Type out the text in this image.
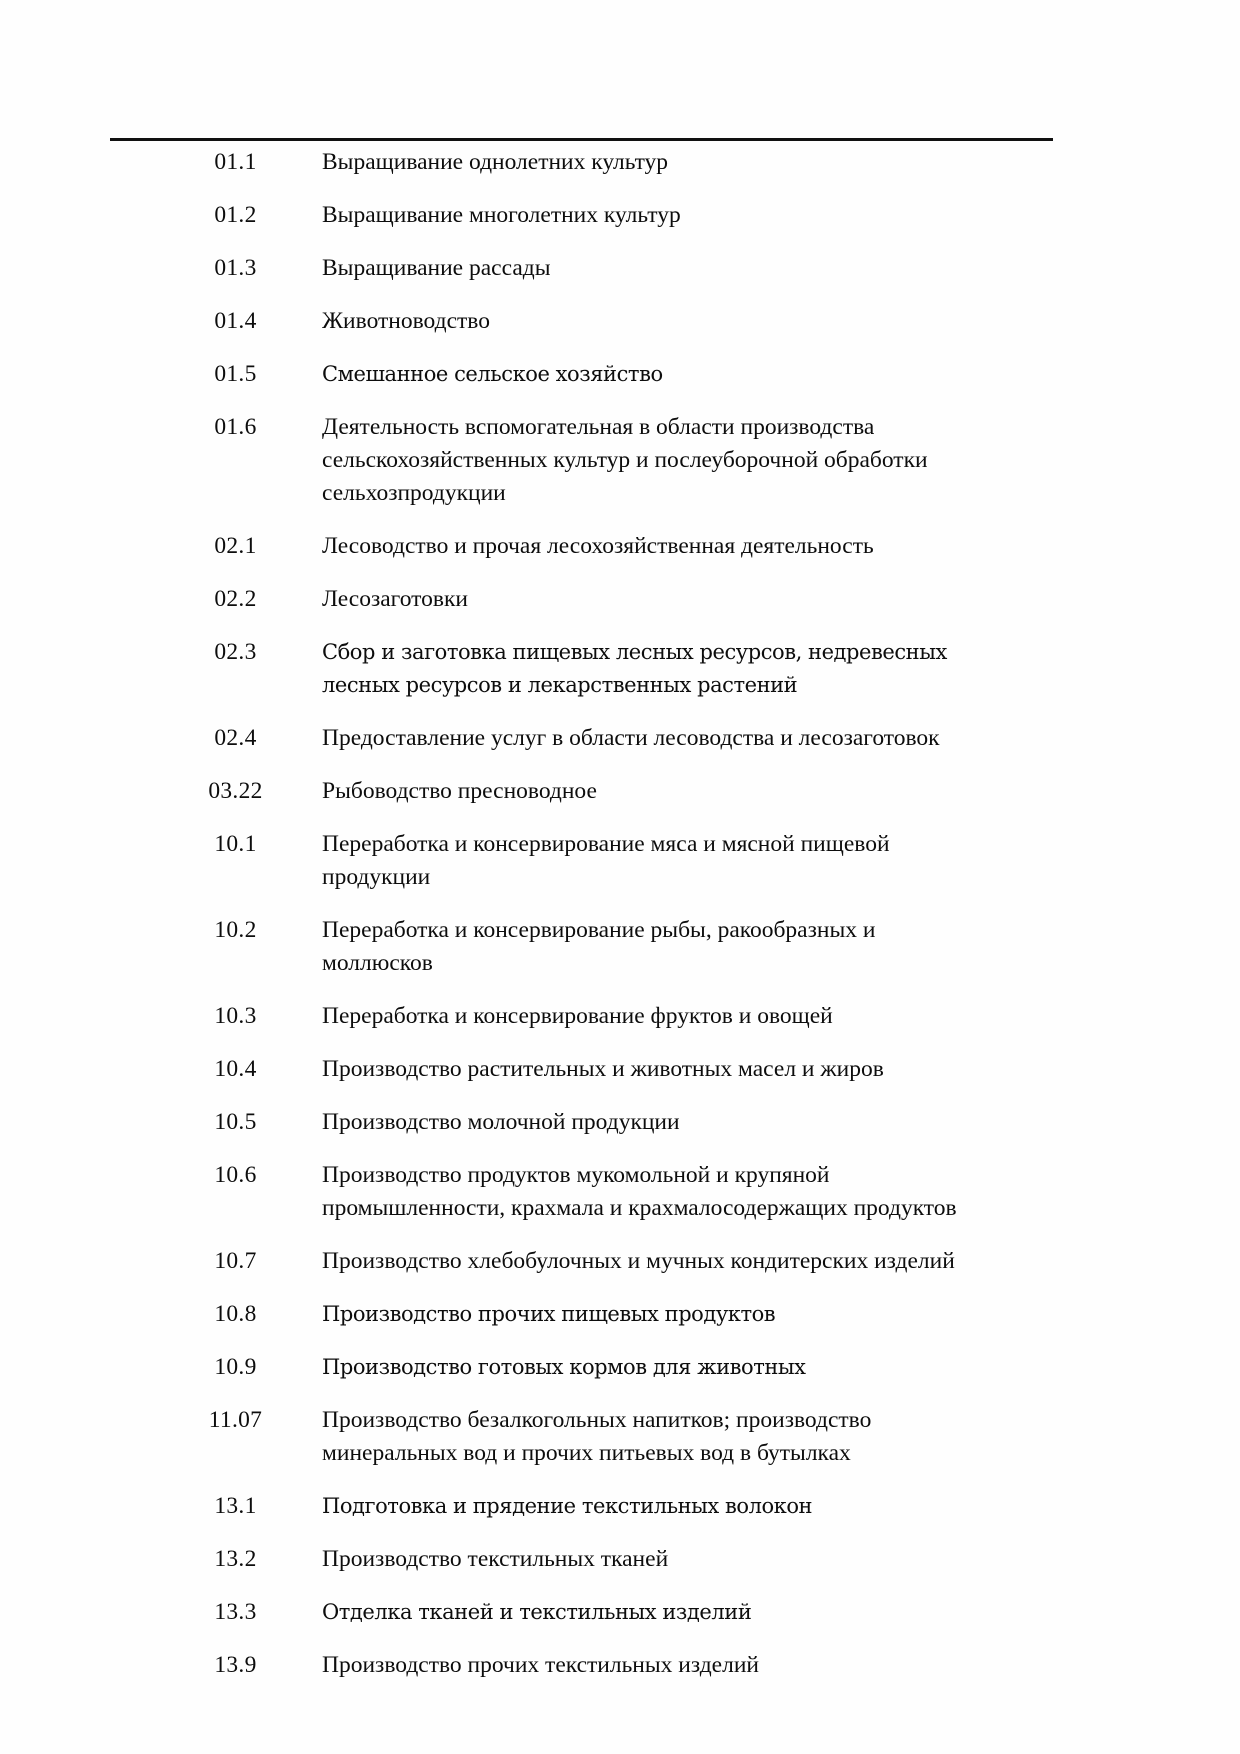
01.1	Выращивание однолетних культур
01.2	Выращивание многолетних культур
01.3	Выращивание рассады
01.4	Животноводство
01.5	Смешанное сельское хозяйство
01.6	Деятельность вспомогательная в области производства
сельскохозяйственных культур и послеуборочной обработки
сельхозпродукции
02.1	Лесоводство и прочая лесохозяйственная деятельность
02.2	Лесозаготовки
02.3	Сбор и заготовка пищевых лесных ресурсов, недревесных
лесных ресурсов и лекарственных растений
02.4	Предоставление услуг в области лесоводства и лесозаготовок
03.22	Рыбоводство пресноводное
10.1	Переработка и консервирование мяса и мясной пищевой
продукции
10.2	Переработка и консервирование рыбы, ракообразных и
моллюсков
10.3	Переработка и консервирование фруктов и овощей
10.4	Производство растительных и животных масел и жиров
10.5	Производство молочной продукции
10.6	Производство продуктов мукомольной и крупяной
промышленности, крахмала и крахмалосодержащих продуктов
10.7	Производство хлебобулочных и мучных кондитерских изделий
10.8	Производство прочих пищевых продуктов
10.9	Производство готовых кормов для животных
11.07	Производство безалкогольных напитков; производство
минеральных вод и прочих питьевых вод в бутылках
13.1	Подготовка и прядение текстильных волокон
13.2	Производство текстильных тканей
13.3	Отделка тканей и текстильных изделий
13.9	Производство прочих текстильных изделий
